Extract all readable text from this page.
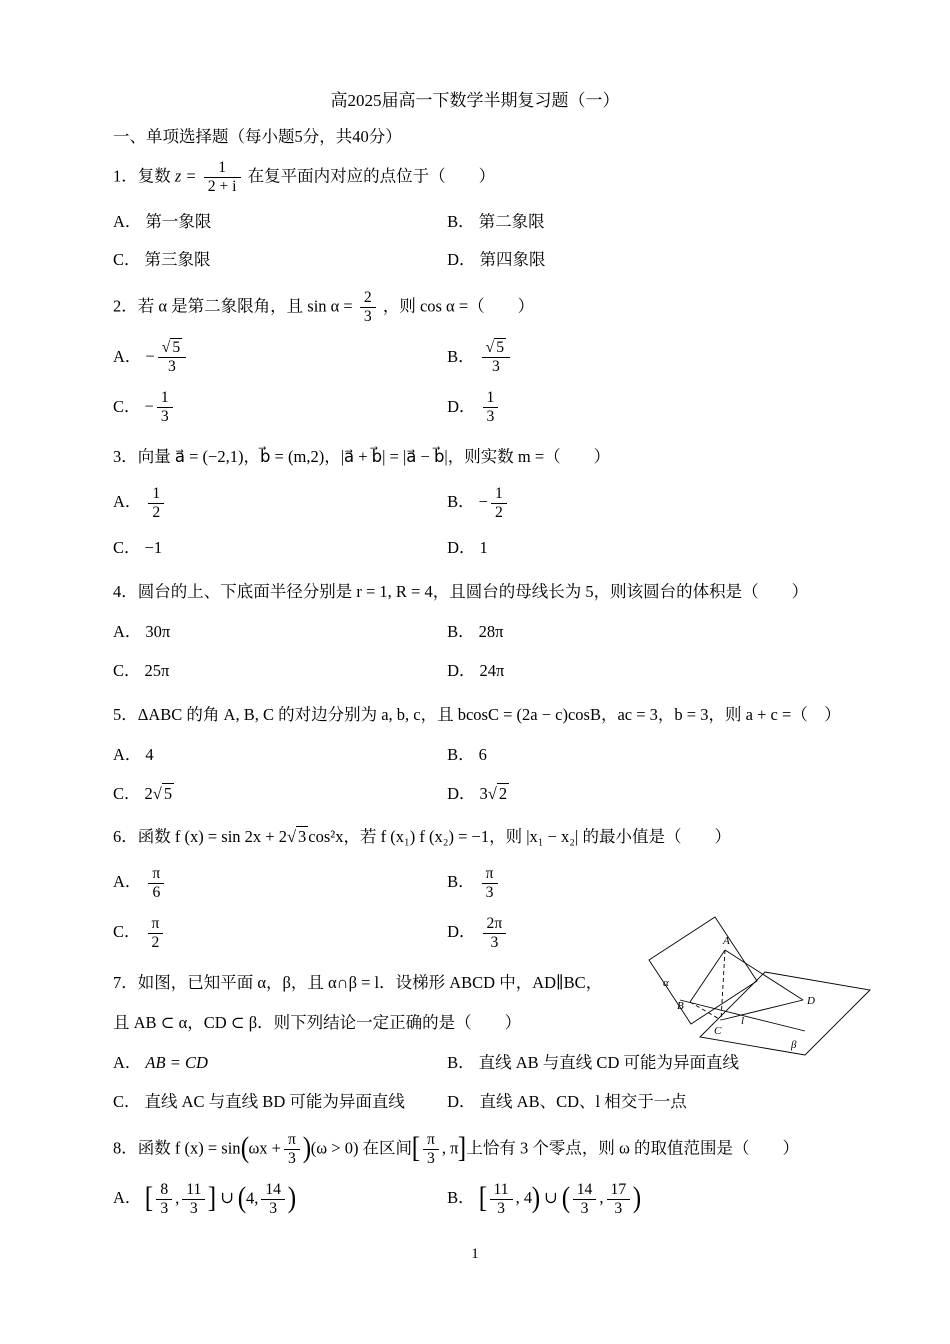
高2025届高一下数学半期复习题（一）
一、单项选择题（每小题5分，共40分）
1．复数 $z = \frac{1}{2 + i}$ 在复平面内对应的点位于（　　）
A． 第一象限	B． 第二象限
C． 第三象限	D． 第四象限
2．若 α 是第二象限角，且 $\sin \alpha = \frac{2}{3}$ ，则 cos α =（　　）
A． − $\frac{√ 5}{3}$	B． $\frac{√ 5}{3}$
C． − $\frac{1}{3}$	D． $\frac{1}{3}$
3．向量 a⃗ = (−2,1)，b⃗ = (m,2)，|a⃗ + b⃗| = |a⃗ − b⃗|，则实数 m =（　　）
A． $\frac{1}{2}$	B． − $\frac{1}{2}$
C． −1	D． 1
4．圆台的上、下底面半径分别是 r = 1, R = 4，且圆台的母线长为 5，则该圆台的体积是（　　）
A． 30π	B． 28π
C． 25π	D． 24π
5．ΔABC 的角 A, B, C 的对边分别为 a, b, c，且 bcosC = (2a − c)cosB，ac = 3，b = 3，则 a + c =（　）
A． 4	B． 6
C． 2√ 5	D． 3√ 2
6．函数 f (x) = sin 2x + 2√ 3 cos²x，若 f (x₁) f (x₂) = −1，则 |x₁ − x₂| 的最小值是（　　）
A． $\frac{\pi}{6}$	B． $\frac{\pi}{3}$
C． $\frac{\pi}{2}$	D． $\frac{2\pi}{3}$
7．如图，已知平面 α，β，且 α∩β = l．设梯形 ABCD 中，AD∥BC，
且 AB ⊂ α，CD ⊂ β．则下列结论一定正确的是（　　）
A． AB = CD	B． 直线 AB 与直线 CD 可能为异面直线
C． 直线 AC 与直线 BD 可能为异面直线	D． 直线 AB、CD、l 相交于一点
8．函数 f $(x) = \sin(\omega x + \frac{\pi}{3} )(\omega > 0)$ 在区间[ $\frac{\pi}{3}$ , π]上恰有 3 个零点，则 ω 的取值范围是（　　）
A． [ $\frac{8}{3}$ , $\frac{11}{3}$ ] ∪ (4, $\frac{14}{3}$ )	B． [ $\frac{11}{3}$ , 4) ∪ ( $\frac{14}{3}$ , $\frac{17}{3}$ )
α
β
A
B
C
D
l
1
